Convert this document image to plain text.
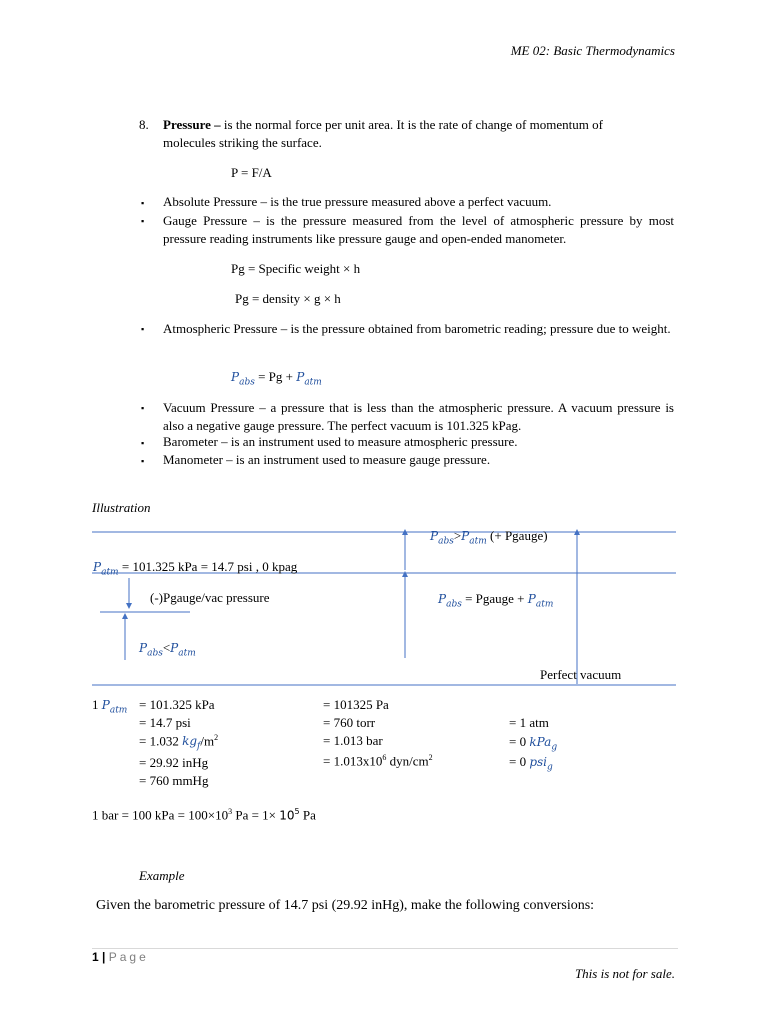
ME 02: Basic Thermodynamics
8. Pressure – is the normal force per unit area. It is the rate of change of momentum of
molecules striking the surface.
P = F/A
▪ Absolute Pressure – is the true pressure measured above a perfect vacuum.
▪ Gauge Pressure – is the pressure measured from the level of atmospheric pressure by most pressure reading instruments like pressure gauge and open-ended manometer.
Pg = Specific weight × h
Pg = density × g × h
▪ Atmospheric Pressure – is the pressure obtained from barometric reading; pressure due to weight.
$P_{abs} = Pg + P_{atm}$
▪ Vacuum Pressure – a pressure that is less than the atmospheric pressure. A vacuum pressure is also a negative gauge pressure. The perfect vacuum is 101.325 kPag.
▪ Barometer – is an instrument used to measure atmospheric pressure.
▪ Manometer – is an instrument used to measure gauge pressure.
Illustration
$P_{abs}>P_{atm}$ (+ Pgauge)
$P_{atm} = 101.325$ kPa = 14.7 psi , 0 kpag
(-)Pgauge/vac pressure	$P_{abs}$ = Pgauge + $P_{atm}$
$P_{abs}<P_{atm}$
Perfect vacuum
1 $P_{atm} = 101.325$ kPa
= 14.7 psi
= 1.032 $kg_f/m^2$
= 29.92 inHg
= 760 mmHg
= 101325 Pa
= 760 torr
= 1.013 bar
= $1.013x10^6$ dyn/$cm^2$
= 1 atm
= 0 kPa$_g$
= 0 psi$_g$
1 bar = 100 kPa = $100\times 10^3$ $Pa = 1\times 10^5$ Pa
Example
Given the barometric pressure of 14.7 psi (29.92 inHg), make the following conversions:
1 | Page
This is not for sale.
